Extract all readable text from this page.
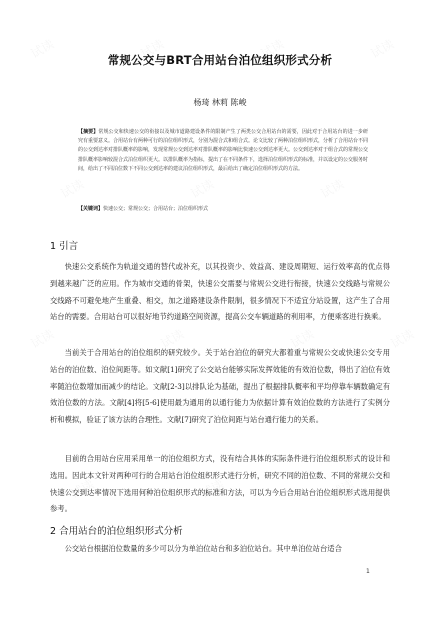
常规公交与BRT合用站台泊位组织形式分析
杨琦 林莉 陈峻
【摘要】常规公交和快速公交的衔接以及城市道路建设条件的限制产生了两类公交合用站台的需要，因此对于合用站台的进一步研究有重要意义。合用站台有两种可行的泊位组织形式，分别为混合式和组合式。论文比较了两种泊位组织形式，分析了合用站台不同的公交到达率对排队概率的影响，发现常规公交到达率对排队概率的影响比快速公交到达率更大。公交到达率对于组合式的常规公交排队概率影响较混合式泊位组织更大。以排队概率为指标，提出了在不同条件下，选择泊位组织形式的标准，并以设定的公交服务时间，给出了不同泊位数下不同公交到达率的建议泊位组织形式，最后给出了确定泊位组织形式的方法。
【关键词】快速公交；常规公交；合用站台；泊位组织形式
1 引言
快速公交系统作为轨道交通的替代或补充，以其投资少、效益高、建设周期短、运行效率高的优点得到越来越广泛的应用。作为城市交通的骨架，快速公交需要与常规公交进行衔接，快速公交线路与常规公交线路不可避免地产生重叠、相交，加之道路建设条件限制，很多情况下不适宜分站设置，这产生了合用站台的需要。合用站台可以很好地节约道路空间资源，提高公交车辆道路的利用率，方便乘客进行换乘。
当前关于合用站台的泊位组织的研究较少。关于站台泊位的研究大都着重与常规公交或快速公交专用站台的泊位数、泊位间距等。如文献[1]研究了公交站台能够实际发挥效能的有效泊位数，得出了泊位有效率随泊位数增加而减少的结论。文献[2-3]以排队论为基础，提出了根据排队概率和平均停靠车辆数确定有效泊位数的方法。文献[4]将[5-6]使用最为通用的以通行能力为依据计算有效泊位数的方法进行了实例分析和模拟，验证了该方法的合理性。文献[7]研究了泊位间距与站台通行能力的关系。
目前的合用站台应用采用单一的泊位组织方式，没有结合具体的实际条件进行泊位组织形式的设计和选用。因此本文针对两种可行的合用站台泊位组织形式进行分析，研究不同的泊位数、不同的常规公交和快速公交到达率情况下选用何种泊位组织形式的标准和方法，可以为今后合用站台泊位组织形式选用提供参考。
2 合用站台的泊位组织形式分析
公交站台根据泊位数量的多少可以分为单泊位站台和多泊位站台。其中单泊位站台适合
1
